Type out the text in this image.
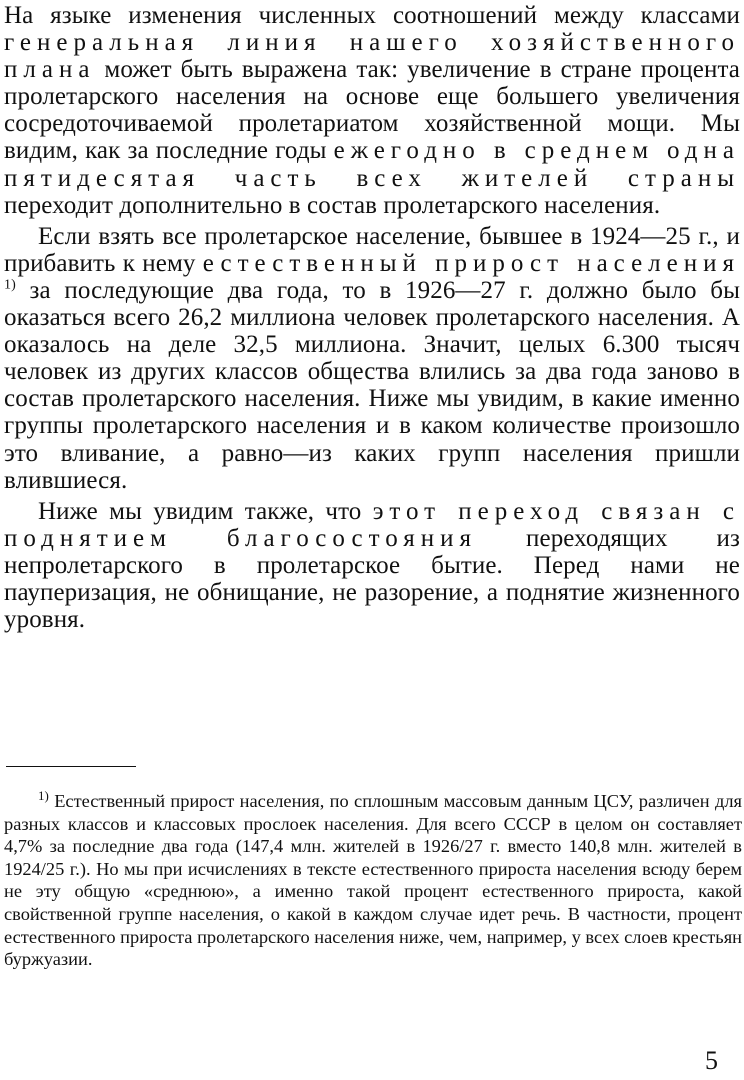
На языке изменения численных соотношений между классами генеральная линия нашего хозяйственного плана может быть выражена так: увеличение в стране процента пролетарского населения на основе еще большего увеличения сосредоточиваемой пролетариатом хозяйственной мощи. Мы видим, как за последние годы ежегодно в среднем одна пятидесятая часть всех жителей страны переходит дополнительно в состав пролетарского населения.

Если взять все пролетарское население, бывшее в 1924—25 г., и прибавить к нему естественный прирост населения $^{1)}$ за последующие два года, то в 1926—27 г. должно было бы оказаться всего 26,2 миллиона человек пролетарского населения. А оказалось на деле 32,5 миллиона. Значит, целых 6.300 тысяч человек из других классов общества влились за два года заново в состав пролетарского населения. Ниже мы увидим, в какие именно группы пролетарского населения и в каком количестве произошло это вливание, а равно—из каких групп населения пришли влившиеся.

Ниже мы увидим также, что этот переход связан с поднятием благосостояния переходящих из непролетарского в пролетарское бытие. Перед нами не пауперизация, не обнищание, не разорение, а поднятие жизненного уровня.

$^{1)}$ Естественный прирост населения, по сплошным массовым данным ЦСУ, различен для разных классов и классовых прослоек населения. Для всего СССР в целом он составляет 4,7% за последние два года (147,4 млн. жителей в 1926/27 г. вместо 140,8 млн. жителей в 1924/25 г.). Но мы при исчислениях в тексте естественного прироста населения всюду берем не эту общую «среднюю», а именно такой процент естественного прироста, какой свойственной группе населения, о какой в каждом случае идет речь. В частности, процент естественного прироста пролетарского населения ниже, чем, например, у всех слоев крестьян буржуазии.

5
